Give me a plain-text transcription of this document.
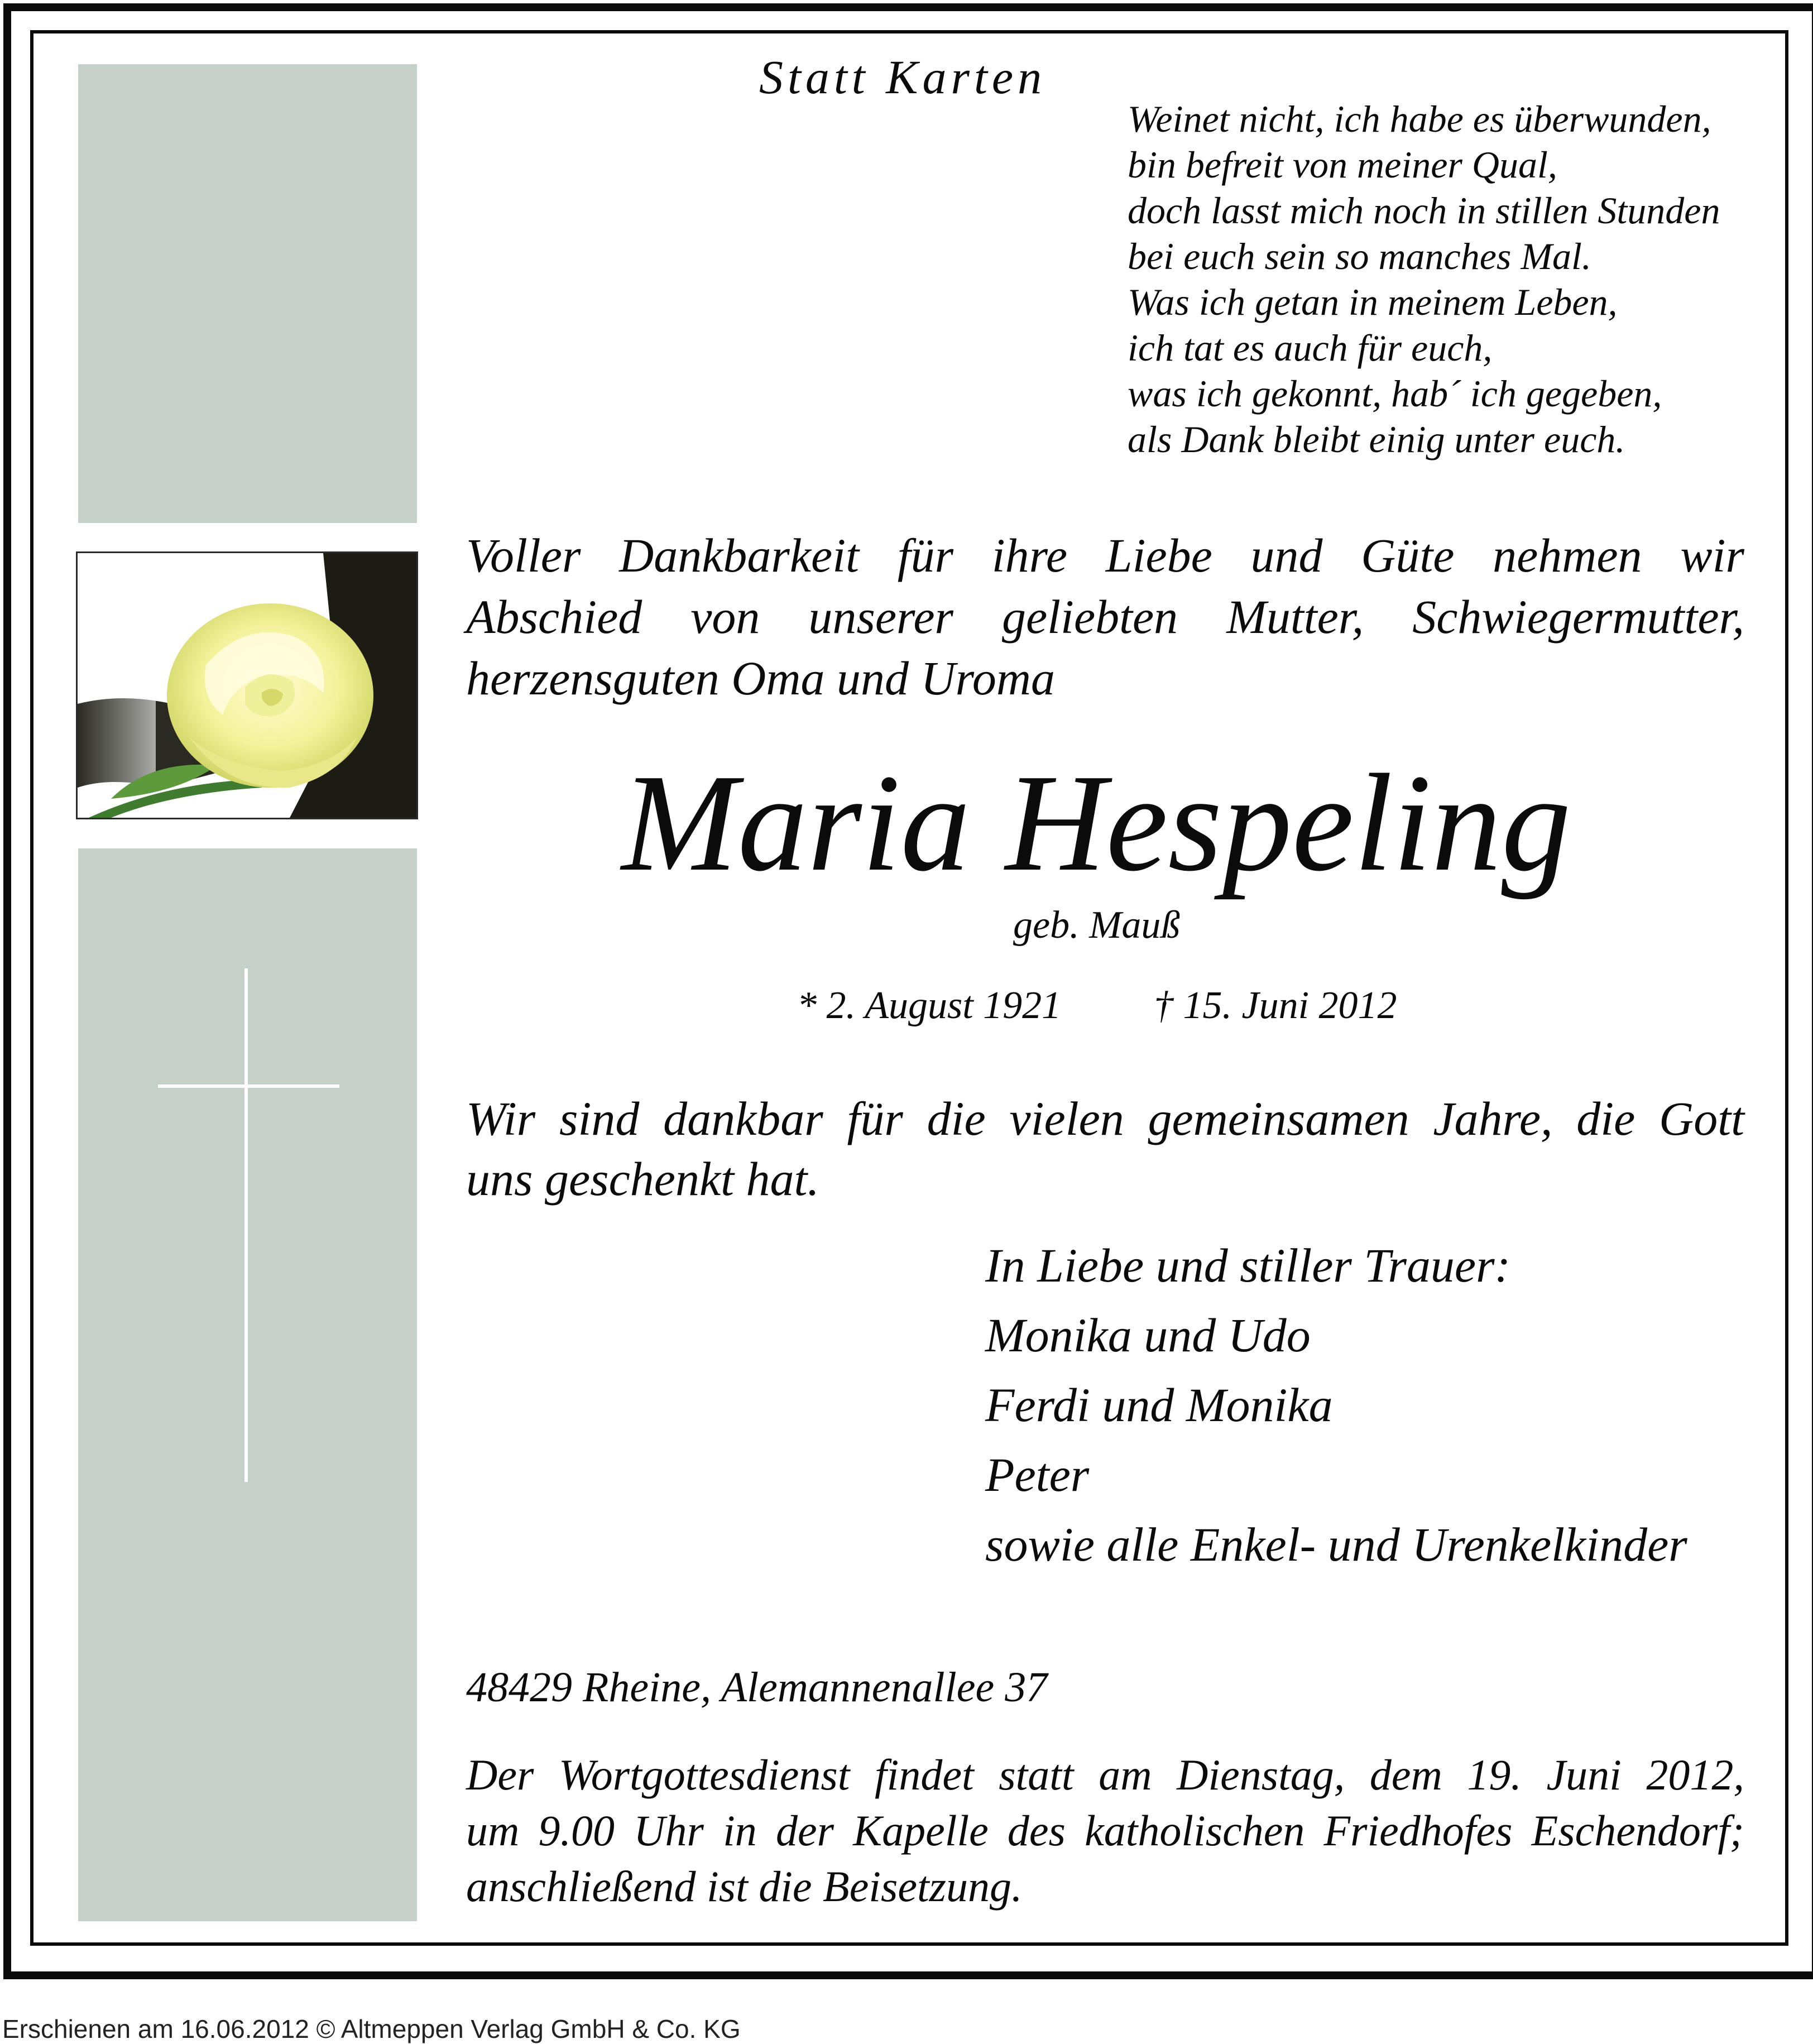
Statt Karten
Weinet nicht, ich habe es überwunden,
bin befreit von meiner Qual,
doch lasst mich noch in stillen Stunden
bei euch sein so manches Mal.
Was ich getan in meinem Leben,
ich tat es auch für euch,
was ich gekonnt, hab´ ich gegeben,
als Dank bleibt einig unter euch.
Voller Dankbarkeit für ihre Liebe und Güte nehmen wir
Abschied von unserer geliebten Mutter, Schwiegermutter,
herzensguten Oma und Uroma
Maria Hespeling
geb. Mauß
* 2. August 1921 † 15. Juni 2012
Wir sind dankbar für die vielen gemeinsamen Jahre, die Gott
uns geschenkt hat.
In Liebe und stiller Trauer:
Monika und Udo
Ferdi und Monika
Peter
sowie alle Enkel- und Urenkelkinder
48429 Rheine, Alemannenallee 37
Der Wortgottesdienst findet statt am Dienstag, dem 19. Juni 2012,
um 9.00 Uhr in der Kapelle des katholischen Friedhofes Eschendorf;
anschließend ist die Beisetzung.
Erschienen am 16.06.2012 © Altmeppen Verlag GmbH & Co. KG
